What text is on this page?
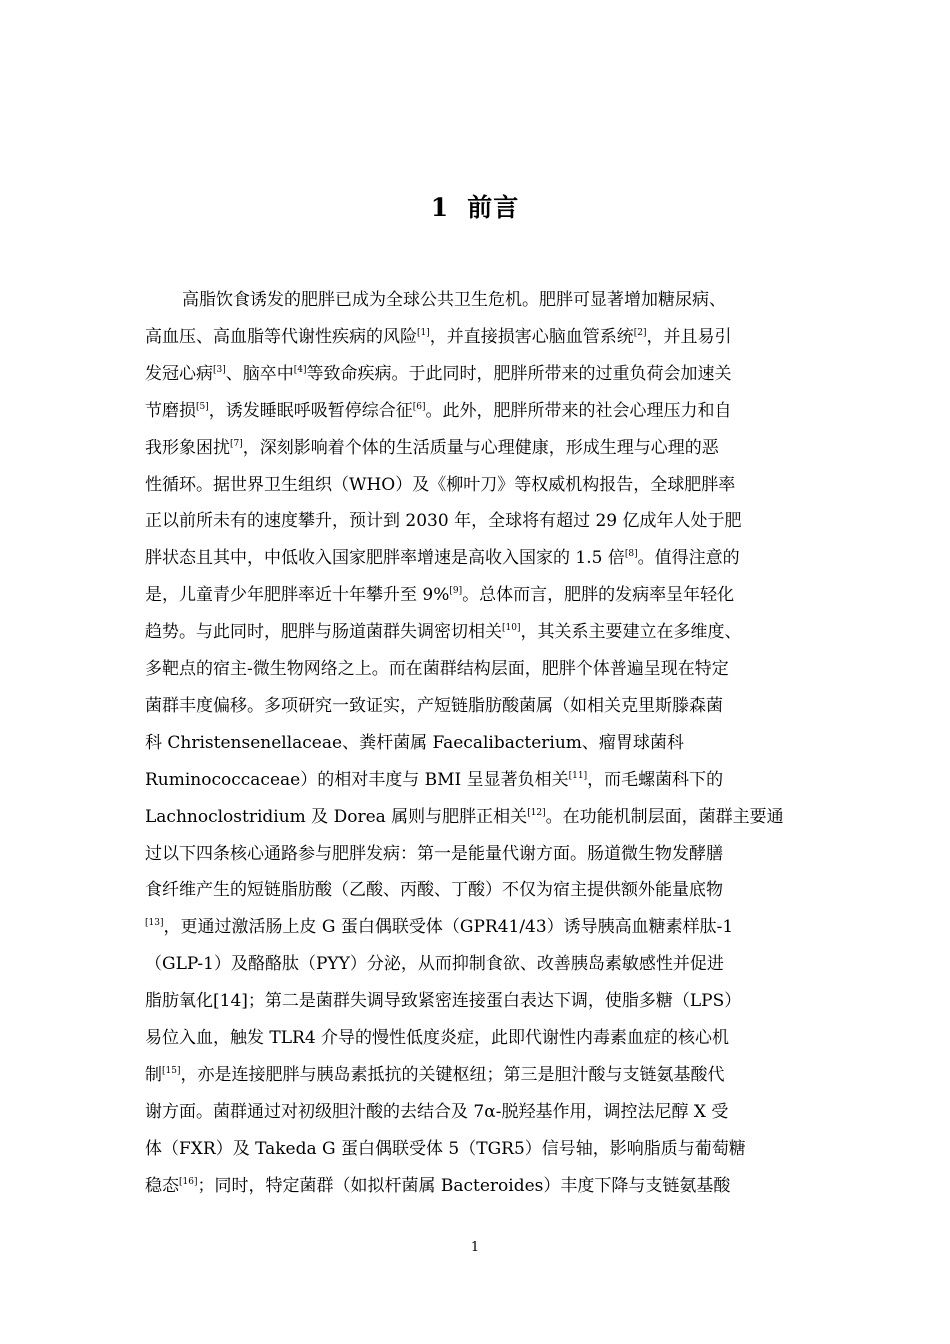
1 前言
高脂饮食诱发的肥胖已成为全球公共卫生危机。肥胖可显著增加糖尿病、
高血压、高血脂等代谢性疾病的风险[1]，并直接损害心脑血管系统[2]，并且易引
发冠心病[3]、脑卒中[4]等致命疾病。于此同时，肥胖所带来的过重负荷会加速关
节磨损[5]，诱发睡眠呼吸暂停综合征[6]。此外，肥胖所带来的社会心理压力和自
我形象困扰[7]，深刻影响着个体的生活质量与心理健康，形成生理与心理的恶
性循环。据世界卫生组织（WHO）及《柳叶刀》等权威机构报告，全球肥胖率
正以前所未有的速度攀升，预计到 2030 年，全球将有超过 29 亿成年人处于肥
胖状态且其中，中低收入国家肥胖率增速是高收入国家的 1.5 倍[8]。值得注意的
是，儿童青少年肥胖率近十年攀升至 9%[9]。总体而言，肥胖的发病率呈年轻化
趋势。与此同时，肥胖与肠道菌群失调密切相关[10]，其关系主要建立在多维度、
多靶点的宿主-微生物网络之上。而在菌群结构层面，肥胖个体普遍呈现在特定
菌群丰度偏移。多项研究一致证实，产短链脂肪酸菌属（如相关克里斯滕森菌
科 Christensenellaceae、粪杆菌属 Faecalibacterium、瘤胃球菌科
Ruminococcaceae）的相对丰度与 BMI 呈显著负相关[11]，而毛螺菌科下的
Lachnoclostridium 及 Dorea 属则与肥胖正相关[12]。在功能机制层面，菌群主要通
过以下四条核心通路参与肥胖发病：第一是能量代谢方面。肠道微生物发酵膳
食纤维产生的短链脂肪酸（乙酸、丙酸、丁酸）不仅为宿主提供额外能量底物
[13]，更通过激活肠上皮 G 蛋白偶联受体（GPR41/43）诱导胰高血糖素样肽-1
（GLP-1）及酪酪肽（PYY）分泌，从而抑制食欲、改善胰岛素敏感性并促进
脂肪氧化[14]；第二是菌群失调导致紧密连接蛋白表达下调，使脂多糖（LPS）
易位入血，触发 TLR4 介导的慢性低度炎症，此即代谢性内毒素血症的核心机
制[15]，亦是连接肥胖与胰岛素抵抗的关键枢纽；第三是胆汁酸与支链氨基酸代
谢方面。菌群通过对初级胆汁酸的去结合及 7α-脱羟基作用，调控法尼醇 X 受
体（FXR）及 Takeda G 蛋白偶联受体 5（TGR5）信号轴，影响脂质与葡萄糖
稳态[16]；同时，特定菌群（如拟杆菌属 Bacteroides）丰度下降与支链氨基酸
1
